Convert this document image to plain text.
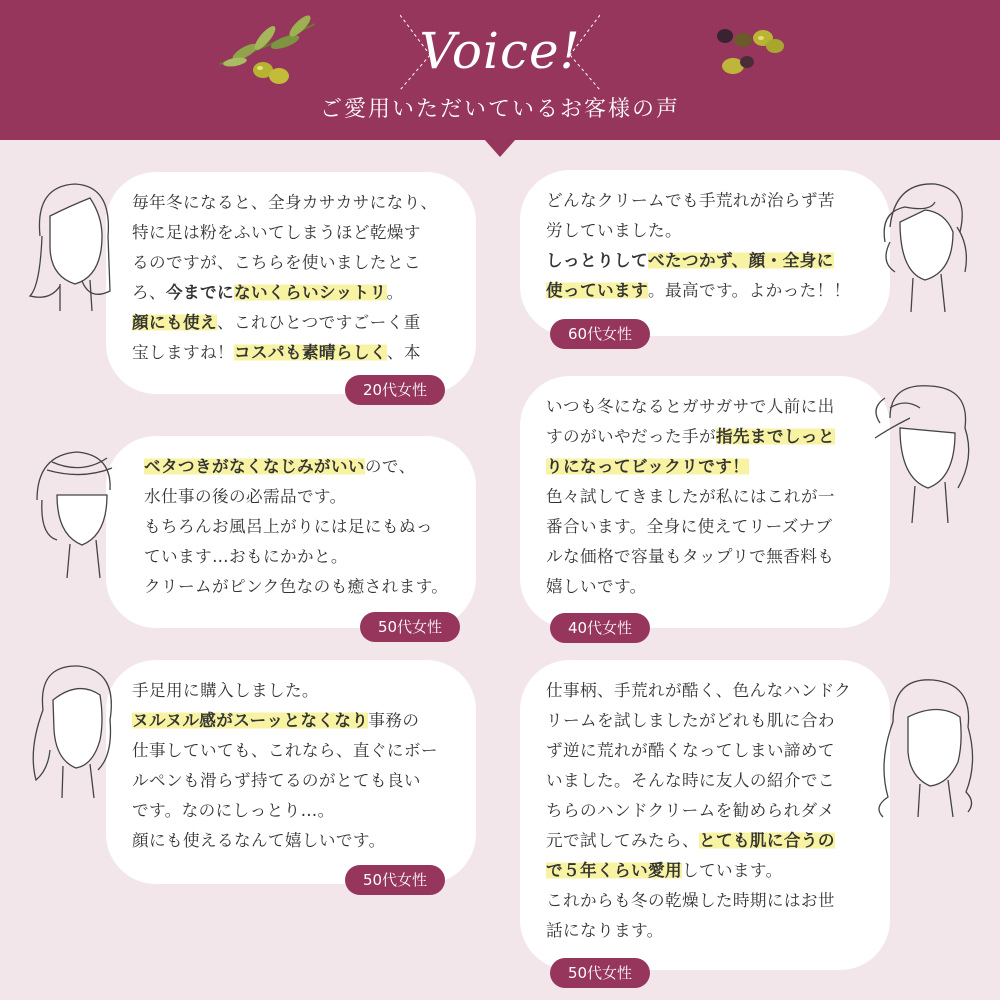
Voice!
ご愛用いただいているお客様の声

毎年冬になると、全身カサカサになり、

特に足は粉をふいてしまうほど乾燥す

るのですが、こちらを使いましたとこ

ろ、今までにないくらいシットリ。

顔にも使え、これひとつですごーく重

宝しますね！コスパも素晴らしく、本

20代女性

どんなクリームでも手荒れが治らず苦

労していました。

しっとりしてべたつかず、顔・全身に

使っています。最高です。よかった！！

60代女性

ベタつきがなくなじみがいいので、

水仕事の後の必需品です。

もちろんお風呂上がりには足にもぬっ

ています…おもにかかと。

クリームがピンク色なのも癒されます。

50代女性

いつも冬になるとガサガサで人前に出

すのがいやだった手が指先までしっと

りになってビックリです！

色々試してきましたが私にはこれが一

番合います。全身に使えてリーズナブ

ルな価格で容量もタップリで無香料も

嬉しいです。

40代女性

手足用に購入しました。

ヌルヌル感がスーッとなくなり事務の

仕事していても、これなら、直ぐにボー

ルペンも滑らず持てるのがとても良い

です。なのにしっとり…。

顔にも使えるなんて嬉しいです。

50代女性

仕事柄、手荒れが酷く、色んなハンドク

リームを試しましたがどれも肌に合わ

ず逆に荒れが酷くなってしまい諦めて

いました。そんな時に友人の紹介でこ

ちらのハンドクリームを勧められダメ

元で試してみたら、とても肌に合うの

で５年くらい愛用しています。

これからも冬の乾燥した時期にはお世

話になります。

50代女性
